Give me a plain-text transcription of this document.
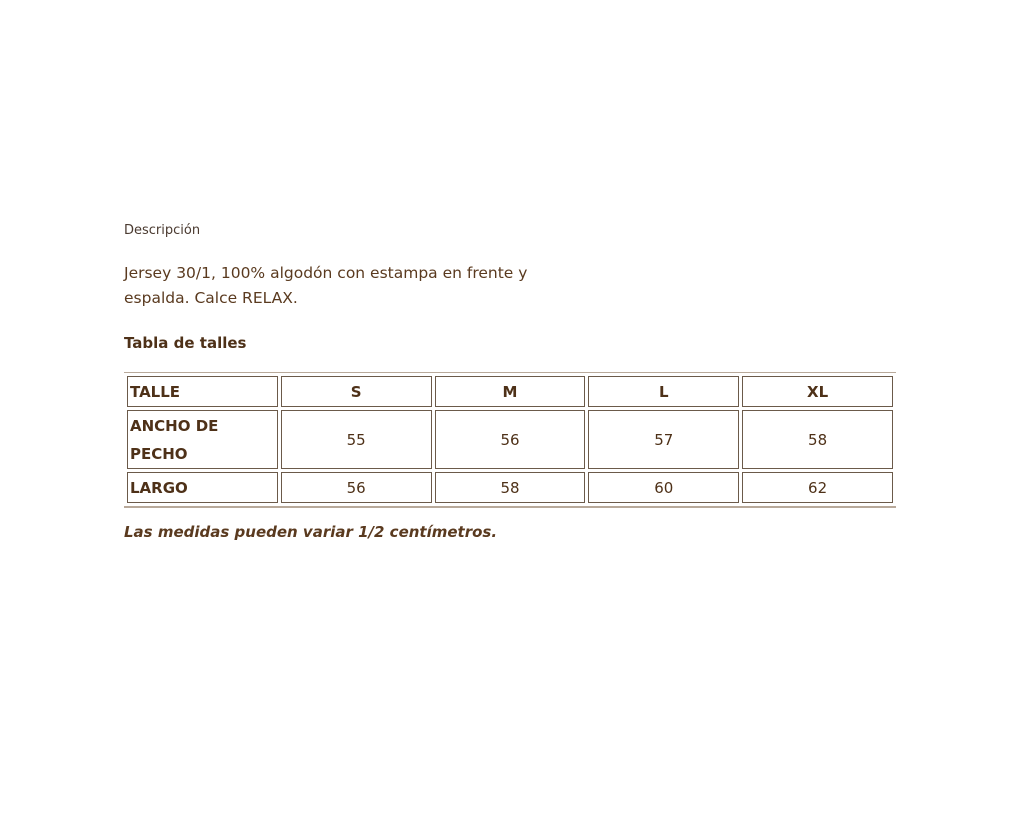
Descripción
Jersey 30/1, 100% algodón con estampa en frente y espalda. Calce RELAX.
Tabla de talles
TALLE	S	M	L	XL
ANCHO DE PECHO	55	56	57	58
LARGO	56	58	60	62
Las medidas pueden variar 1/2 centímetros.
